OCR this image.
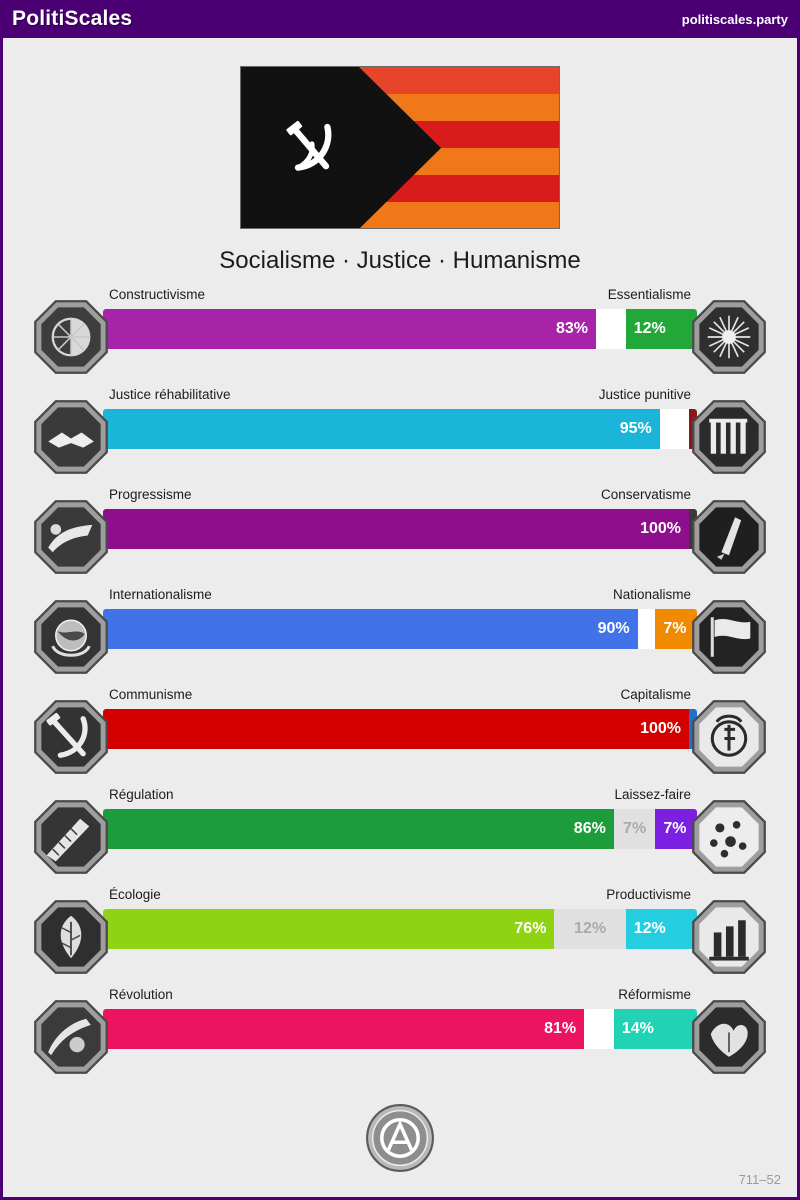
PolitiScales	politiscales.party
Socialisme · Justice · Humanisme
Constructivisme	Essentialisme
83%	12%
Justice réhabilitative	Justice punitive
95%
Progressisme	Conservatisme
100%
Internationalisme	Nationalisme
90%	7%
Communisme	Capitalisme
100%
Régulation	Laissez-faire
86%	7%	7%
Écologie	Productivisme
76%	12%	12%
Révolution	Réformisme
81%	14%
711–52
